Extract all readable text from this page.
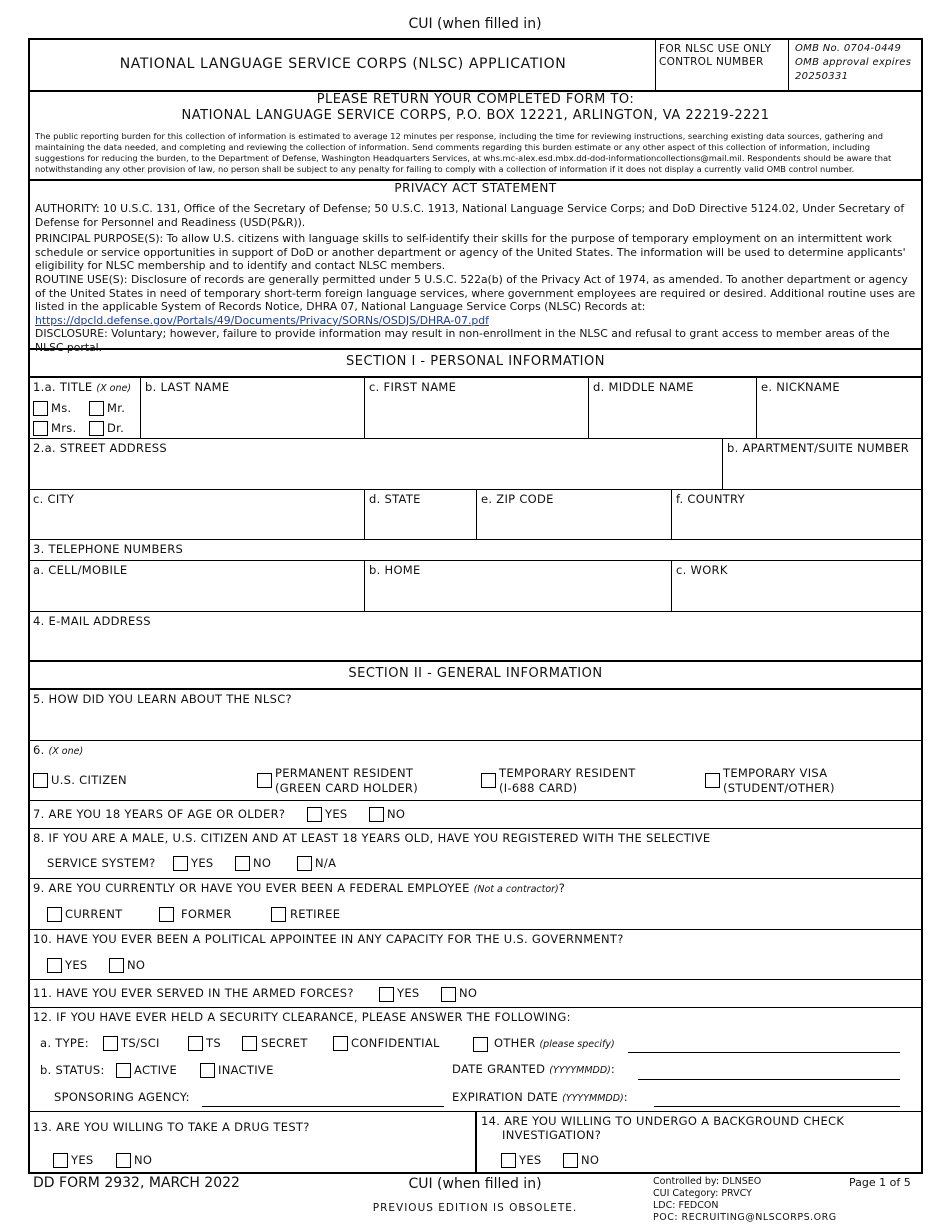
CUI (when filled in)
NATIONAL LANGUAGE SERVICE CORPS (NLSC) APPLICATION
FOR NLSC USE ONLY
CONTROL NUMBER
OMB No. 0704-0449
OMB approval expires
20250331
PLEASE RETURN YOUR COMPLETED FORM TO:
NATIONAL LANGUAGE SERVICE CORPS, P.O. BOX 12221, ARLINGTON, VA 22219-2221
The public reporting burden for this collection of information is estimated to average 12 minutes per response, including the time for reviewing instructions, searching existing data sources, gathering and maintaining the data needed, and completing and reviewing the collection of information. Send comments regarding this burden estimate or any other aspect of this collection of information, including suggestions for reducing the burden, to the Department of Defense, Washington Headquarters Services, at whs.mc-alex.esd.mbx.dd-dod-informationcollections@mail.mil. Respondents should be aware that notwithstanding any other provision of law, no person shall be subject to any penalty for failing to comply with a collection of information if it does not display a currently valid OMB control number.
PRIVACY ACT STATEMENT

AUTHORITY: 10 U.S.C. 131, Office of the Secretary of Defense; 50 U.S.C. 1913, National Language Service Corps; and DoD Directive 5124.02, Under Secretary of Defense for Personnel and Readiness (USD(P&R)).

PRINCIPAL PURPOSE(S): To allow U.S. citizens with language skills to self-identify their skills for the purpose of temporary employment on an intermittent work schedule or service opportunities in support of DoD or another department or agency of the United States. The information will be used to determine applicants' eligibility for NLSC membership and to identify and contact NLSC members.

ROUTINE USE(S): Disclosure of records are generally permitted under 5 U.S.C. 522a(b) of the Privacy Act of 1974, as amended. To another department or agency of the United States in need of temporary short-term foreign language services, where government employees are required or desired. Additional routine uses are listed in the applicable System of Records Notice, DHRA 07, National Language Service Corps (NLSC) Records at: https://dpcld.defense.gov/Portals/49/Documents/Privacy/SORNs/OSDJS/DHRA-07.pdf

DISCLOSURE: Voluntary; however, failure to provide information may result in non-enrollment in the NLSC and refusal to grant access to member areas of the NLSC portal.

SECTION I - PERSONAL INFORMATION
1.a. TITLE (X one)
Ms.	Mr.
Mrs.	Dr.
b. LAST NAME	c. FIRST NAME	d. MIDDLE NAME	e. NICKNAME
2.a. STREET ADDRESS	b. APARTMENT/SUITE NUMBER
c. CITY	d. STATE	e. ZIP CODE	f. COUNTRY
3. TELEPHONE NUMBERS
a. CELL/MOBILE	b. HOME	c. WORK
4. E-MAIL ADDRESS
SECTION II - GENERAL INFORMATION
5. HOW DID YOU LEARN ABOUT THE NLSC?
6. (X one)
U.S. CITIZEN	PERMANENT RESIDENT
(GREEN CARD HOLDER)
TEMPORARY RESIDENT
(I-688 CARD)
TEMPORARY VISA
(STUDENT/OTHER)
7. ARE YOU 18 YEARS OF AGE OR OLDER?	YES	NO
8. IF YOU ARE A MALE, U.S. CITIZEN AND AT LEAST 18 YEARS OLD, HAVE YOU REGISTERED WITH THE SELECTIVE
SERVICE SYSTEM?	YES	NO	N/A
9. ARE YOU CURRENTLY OR HAVE YOU EVER BEEN A FEDERAL EMPLOYEE (Not a contractor)?
CURRENT	FORMER	RETIREE
10. HAVE YOU EVER BEEN A POLITICAL APPOINTEE IN ANY CAPACITY FOR THE U.S. GOVERNMENT?
YES	NO
11. HAVE YOU EVER SERVED IN THE ARMED FORCES?	YES	NO
12. IF YOU HAVE EVER HELD A SECURITY CLEARANCE, PLEASE ANSWER THE FOLLOWING:
a. TYPE:	TS/SCI	TS	SECRET	CONFIDENTIAL	OTHER (please specify)
b. STATUS:	ACTIVE	INACTIVE	DATE GRANTED (YYYYMMDD):
SPONSORING AGENCY:	EXPIRATION DATE (YYYYMMDD):
13. ARE YOU WILLING TO TAKE A DRUG TEST?
YES	NO
14. ARE YOU WILLING TO UNDERGO A BACKGROUND CHECK
INVESTIGATION?
YES	NO
DD FORM 2932, MARCH 2022	CUI (when filled in)
PREVIOUS EDITION IS OBSOLETE.
Controlled by: DLNSEO
CUI Category: PRVCY
LDC: FEDCON
POC: RECRUITING@NLSCORPS.ORG
Page 1 of 5
